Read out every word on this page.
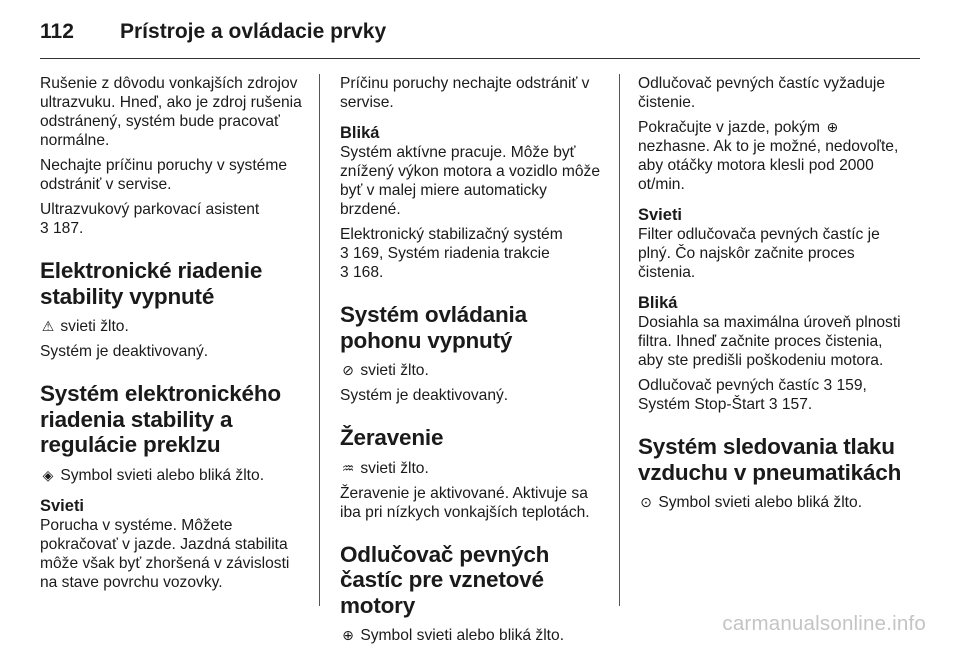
112 Prístroje a ovládacie prvky

Rušenie z dôvodu vonkajších zdrojov ultrazvuku. Hneď, ako je zdroj rušenia odstránený, systém bude pracovať normálne.

Nechajte príčinu poruchy v systéme odstrániť v servise.

Ultrazvukový parkovací asistent
3 187.

Elektronické riadenie stability vypnuté

⚠ svieti žlto.

Systém je deaktivovaný.

Systém elektronického riadenia stability a regulácie preklzu

◈ Symbol svieti alebo bliká žlto.

Svieti

Porucha v systéme. Môžete pokračovať v jazde. Jazdná stabilita môže však byť zhoršená v závislosti na stave povrchu vozovky.

Príčinu poruchy nechajte odstrániť v servise.

Bliká

Systém aktívne pracuje. Môže byť znížený výkon motora a vozidlo môže byť v malej miere automaticky brzdené.

Elektronický stabilizačný systém
3 169, Systém riadenia trakcie
3 168.

Systém ovládania pohonu vypnutý

⊘ svieti žlto.

Systém je deaktivovaný.

Žeravenie

♒ svieti žlto.

Žeravenie je aktivované. Aktivuje sa iba pri nízkych vonkajších teplotách.

Odlučovač pevných častíc pre vznetové motory

⊕ Symbol svieti alebo bliká žlto.

Odlučovač pevných častíc vyžaduje čistenie.

Pokračujte v jazde, pokým ⊕ nezhasne. Ak to je možné, nedovoľte, aby otáčky motora klesli pod 2000 ot/min.

Svieti

Filter odlučovača pevných častíc je plný. Čo najskôr začnite proces čistenia.

Bliká

Dosiahla sa maximálna úroveň plnosti filtra. Ihneď začnite proces čistenia, aby ste predišli poškodeniu motora.

Odlučovač pevných častíc 3 159,
Systém Stop-Štart 3 157.

Systém sledovania tlaku vzduchu v pneumatikách

⊙ Symbol svieti alebo bliká žlto.

carmanualsonline.info
